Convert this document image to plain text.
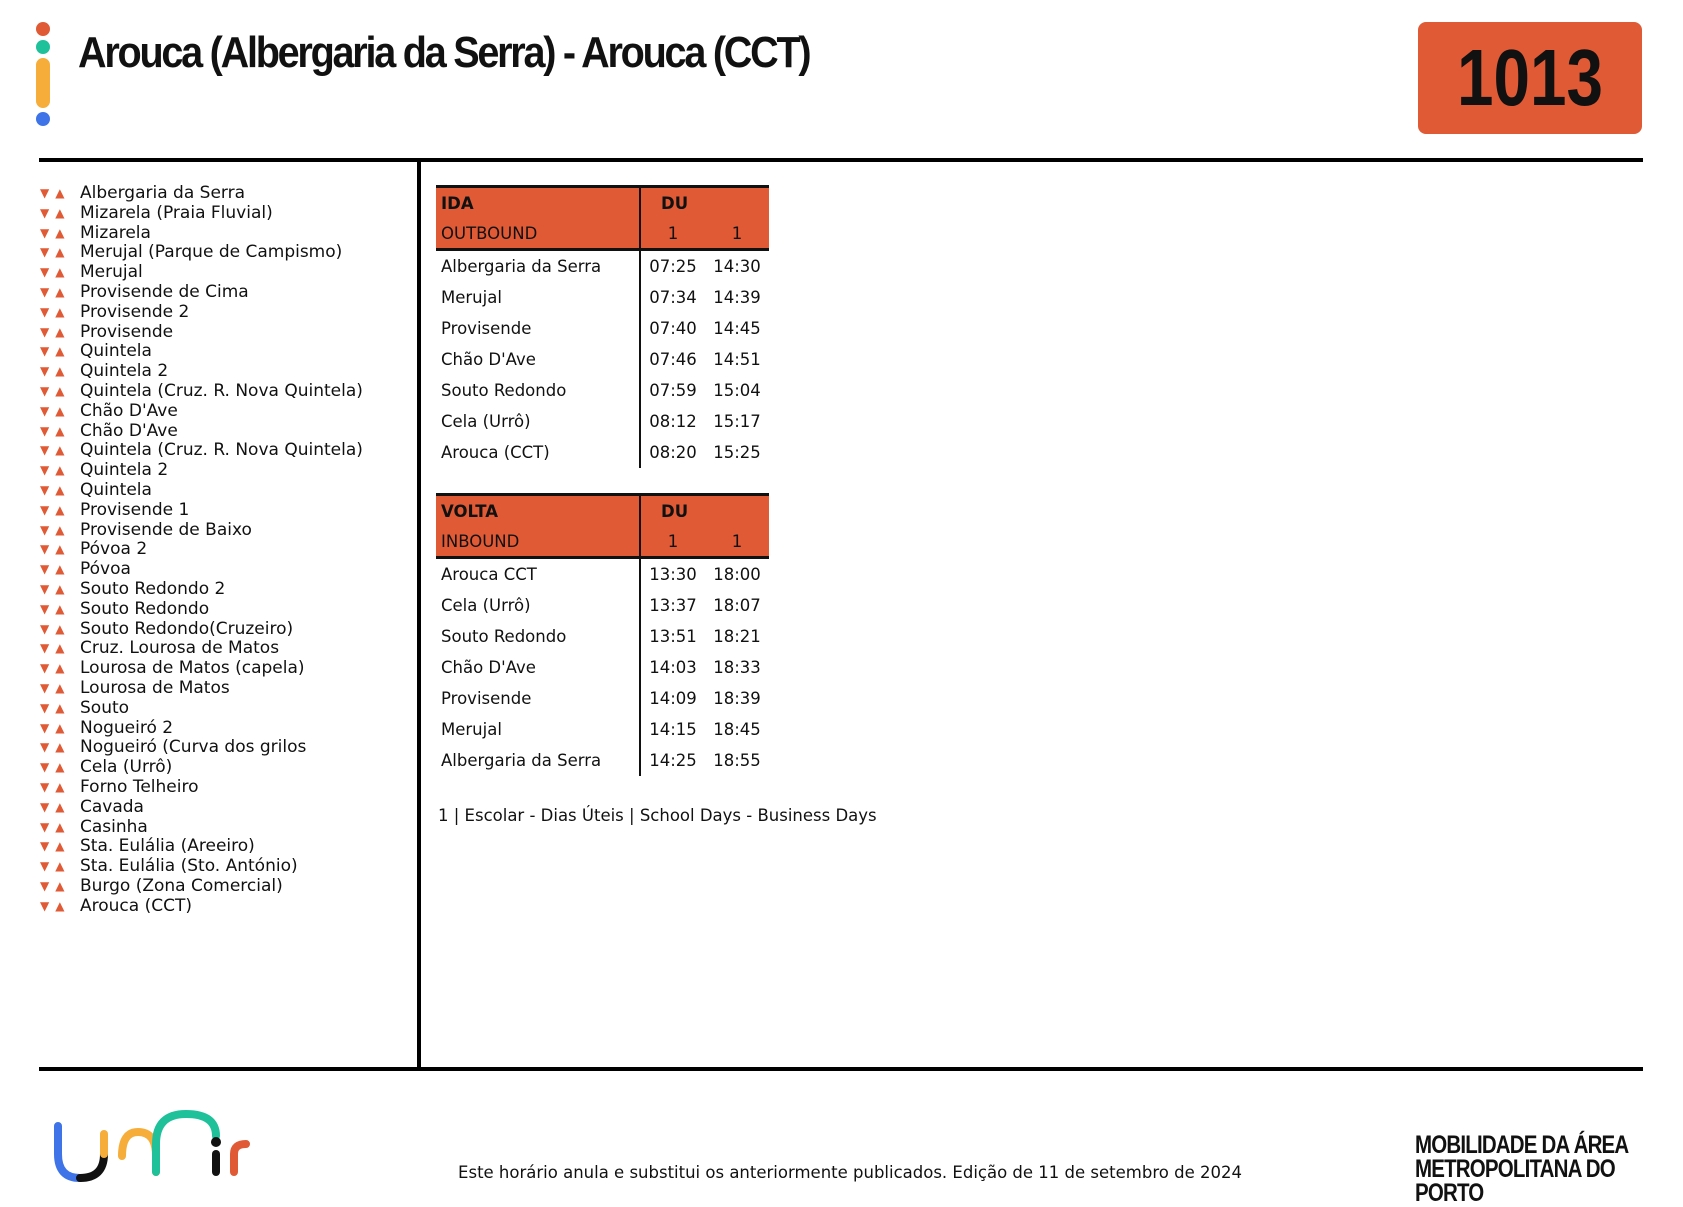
Arouca (Albergaria da Serra) - Arouca (CCT)	1013
▼▲ Albergaria da Serra
▼▲ Mizarela (Praia Fluvial)
▼▲ Mizarela
▼▲ Merujal (Parque de Campismo)
▼▲ Merujal
▼▲ Provisende de Cima
▼▲ Provisende 2
▼▲ Provisende
▼▲ Quintela
▼▲ Quintela 2
▼▲ Quintela (Cruz. R. Nova Quintela)
▼▲ Chão D'Ave
▼▲ Chão D'Ave
▼▲ Quintela (Cruz. R. Nova Quintela)
▼▲ Quintela 2
▼▲ Quintela
▼▲ Provisende 1
▼▲ Provisende de Baixo
▼▲ Póvoa 2
▼▲ Póvoa
▼▲ Souto Redondo 2
▼▲ Souto Redondo
▼▲ Souto Redondo(Cruzeiro)
▼▲ Cruz. Lourosa de Matos
▼▲ Lourosa de Matos (capela)
▼▲ Lourosa de Matos
▼▲ Souto
▼▲ Nogueiró 2
▼▲ Nogueiró (Curva dos grilos
▼▲ Cela (Urrô)
▼▲ Forno Telheiro
▼▲ Cavada
▼▲ Casinha
▼▲ Sta. Eulália (Areeiro)
▼▲ Sta. Eulália (Sto. António)
▼▲ Burgo (Zona Comercial)
▼▲ Arouca (CCT)
IDA	DU	
OUTBOUND	1	1
Albergaria da Serra	07:25	14:30
Merujal	07:34	14:39
Provisende	07:40	14:45
Chão D'Ave	07:46	14:51
Souto Redondo	07:59	15:04
Cela (Urrô)	08:12	15:17
Arouca (CCT)	08:20	15:25
VOLTA	DU	
INBOUND	1	1
Arouca CCT	13:30	18:00
Cela (Urrô)	13:37	18:07
Souto Redondo	13:51	18:21
Chão D'Ave	14:03	18:33
Provisende	14:09	18:39
Merujal	14:15	18:45
Albergaria da Serra	14:25	18:55
1 | Escolar - Dias Úteis | School Days - Business Days
Este horário anula e substitui os anteriormente publicados. Edição de 11 de setembro de 2024
MOBILIDADE DA ÁREA
METROPOLITANA DO PORTO
